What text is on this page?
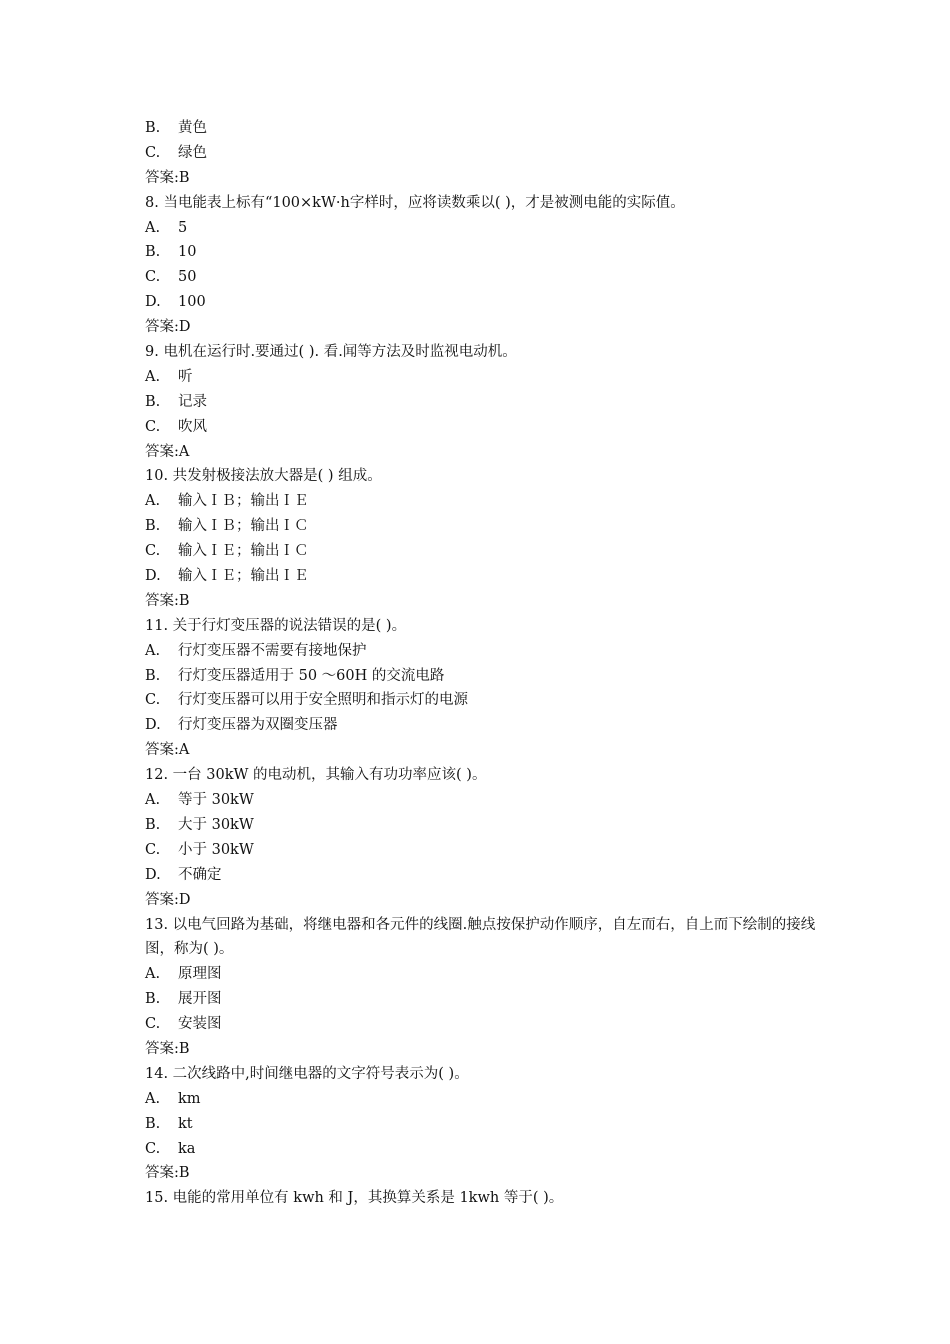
B. 黄色
C. 绿色
答案:B
8. 当电能表上标有“100×kW·h字样时，应将读数乘以( )，才是被测电能的实际值。
A. 5
B. 10
C. 50
D. 100
答案:D
9. 电机在运行时.要通过( ). 看.闻等方法及时监视电动机。
A. 听
B. 记录
C. 吹风
答案:A
10. 共发射极接法放大器是( ) 组成。
A. 输入ＩＢ；输出ＩＥ
B. 输入ＩＢ；输出ＩＣ
C. 输入ＩＥ；输出ＩＣ
D. 输入ＩＥ；输出ＩＥ
答案:B
11. 关于行灯变压器的说法错误的是( )。
A. 行灯变压器不需要有接地保护
B. 行灯变压器适用于 50 ～60H 的交流电路
C. 行灯变压器可以用于安全照明和指示灯的电源
D. 行灯变压器为双圈变压器
答案:A
12. 一台 30kW 的电动机，其输入有功功率应该( )。
A. 等于 30kW
B. 大于 30kW
C. 小于 30kW
D. 不确定
答案:D
13. 以电气回路为基础，将继电器和各元件的线圈.触点按保护动作顺序，自左而右，自上而下绘制的接线图，称为( )。
A. 原理图
B. 展开图
C. 安装图
答案:B
14. 二次线路中,时间继电器的文字符号表示为( )。
A. km
B. kt
C. ka
答案:B
15. 电能的常用单位有 kwh 和 J，其换算关系是 1kwh 等于( )。
